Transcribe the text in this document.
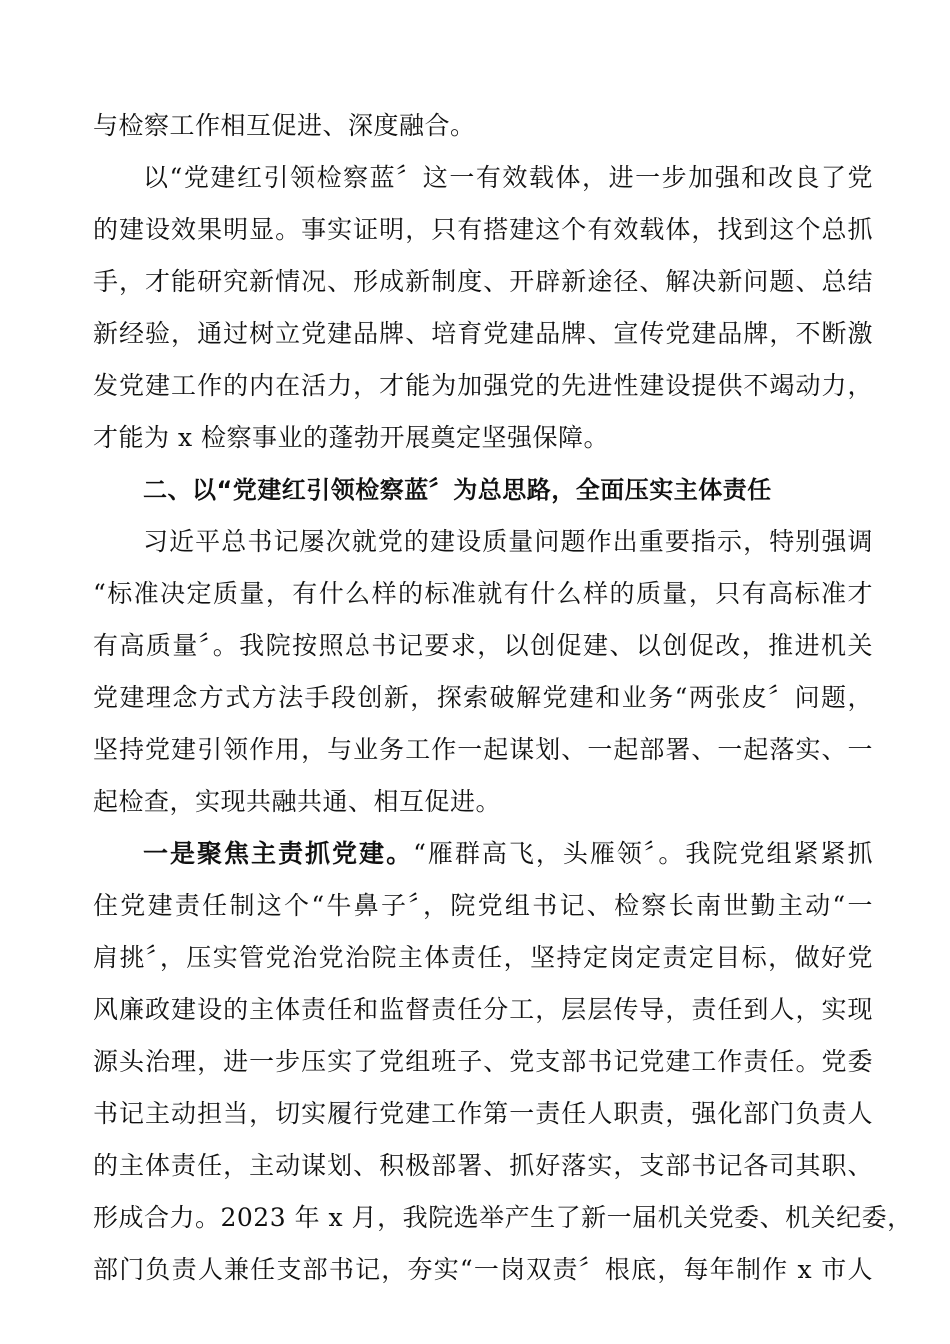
与检察工作相互促进、深度融合。
以“党建红引领检察蓝〞这一有效载体，进一步加强和改良了党
的建设效果明显。事实证明，只有搭建这个有效载体，找到这个总抓
手，才能研究新情况、形成新制度、开辟新途径、解决新问题、总结
新经验，通过树立党建品牌、培育党建品牌、宣传党建品牌，不断激
发党建工作的内在活力，才能为加强党的先进性建设提供不竭动力，
才能为 x 检察事业的蓬勃开展奠定坚强保障。
二、以“党建红引领检察蓝〞为总思路，全面压实主体责任
习近平总书记屡次就党的建设质量问题作出重要指示，特别强调
“标准决定质量，有什么样的标准就有什么样的质量，只有高标准才
有高质量〞。我院按照总书记要求，以创促建、以创促改，推进机关
党建理念方式方法手段创新，探索破解党建和业务“两张皮〞问题，
坚持党建引领作用，与业务工作一起谋划、一起部署、一起落实、一
起检查，实现共融共通、相互促进。
一是聚焦主责抓党建。“雁群高飞，头雁领〞。我院党组紧紧抓
住党建责任制这个“牛鼻子〞，院党组书记、检察长南世勤主动“一
肩挑〞，压实管党治党治院主体责任，坚持定岗定责定目标，做好党
风廉政建设的主体责任和监督责任分工，层层传导，责任到人，实现
源头治理，进一步压实了党组班子、党支部书记党建工作责任。党委
书记主动担当，切实履行党建工作第一责任人职责，强化部门负责人
的主体责任，主动谋划、积极部署、抓好落实，支部书记各司其职、
形成合力。2023 年 x 月，我院选举产生了新一届机关党委、机关纪委，
部门负责人兼任支部书记，夯实“一岗双责〞根底，每年制作 x 市人
